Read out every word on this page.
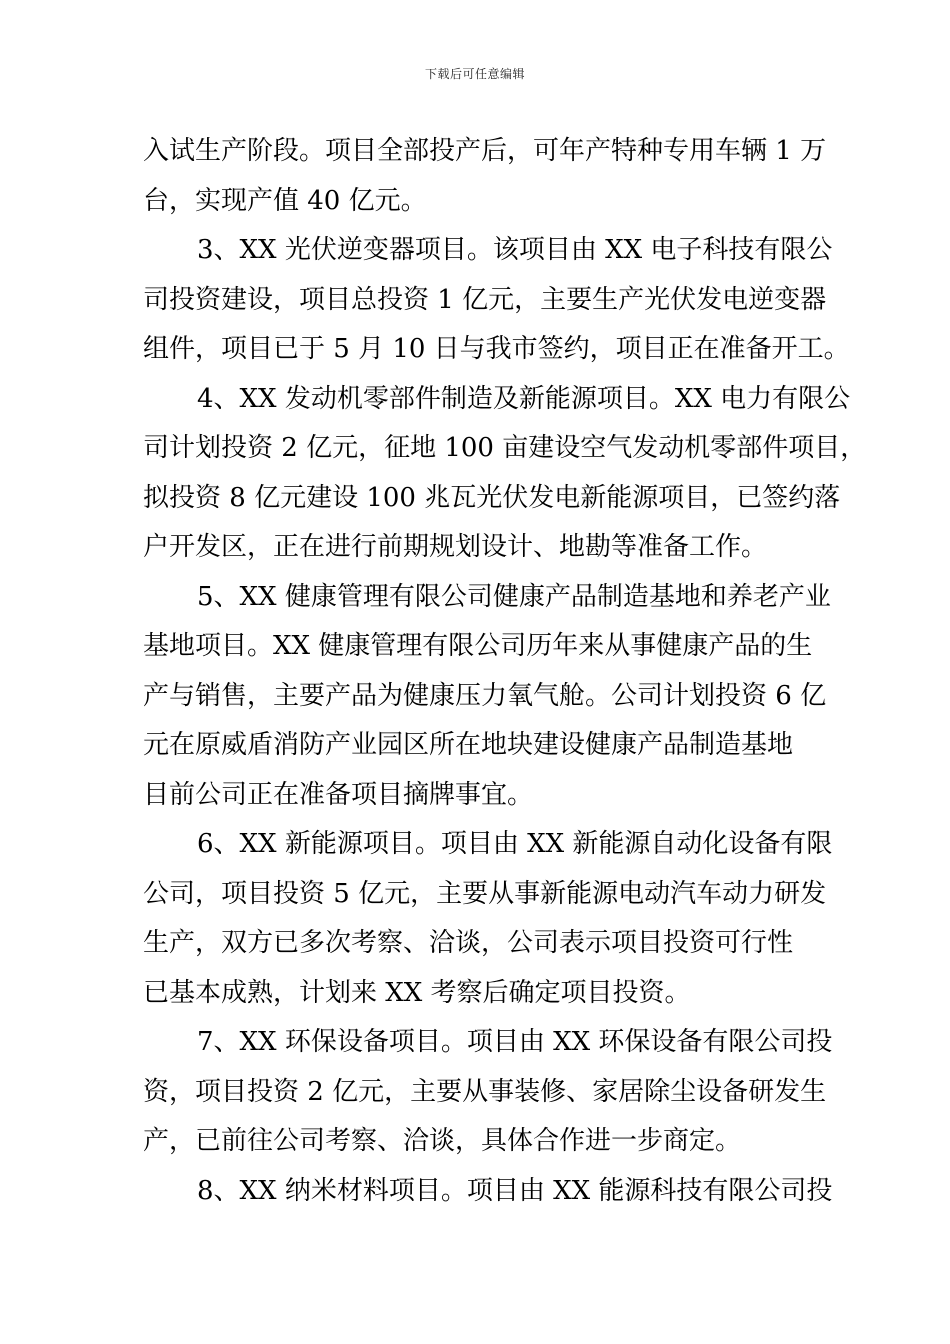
下载后可任意编辑
入试生产阶段。项目全部投产后，可年产特种专用车辆 1 万
台，实现产值 40 亿元。
3、XX 光伏逆变器项目。该项目由 XX 电子科技有限公
司投资建设，项目总投资 1 亿元，主要生产光伏发电逆变器
组件，项目已于 5 月 10 日与我市签约，项目正在准备开工。
4、XX 发动机零部件制造及新能源项目。XX 电力有限公
司计划投资 2 亿元，征地 100 亩建设空气发动机零部件项目，
拟投资 8 亿元建设 100 兆瓦光伏发电新能源项目，已签约落
户开发区，正在进行前期规划设计、地勘等准备工作。
5、XX 健康管理有限公司健康产品制造基地和养老产业
基地项目。XX 健康管理有限公司历年来从事健康产品的生
产与销售，主要产品为健康压力氧气舱。公司计划投资 6 亿
元在原威盾消防产业园区所在地块建设健康产品制造基地
目前公司正在准备项目摘牌事宜。
6、XX 新能源项目。项目由 XX 新能源自动化设备有限
公司，项目投资 5 亿元，主要从事新能源电动汽车动力研发
生产，双方已多次考察、洽谈，公司表示项目投资可行性
已基本成熟，计划来 XX 考察后确定项目投资。
7、XX 环保设备项目。项目由 XX 环保设备有限公司投
资，项目投资 2 亿元，主要从事装修、家居除尘设备研发生
产，已前往公司考察、洽谈，具体合作进一步商定。
8、XX 纳米材料项目。项目由 XX 能源科技有限公司投
